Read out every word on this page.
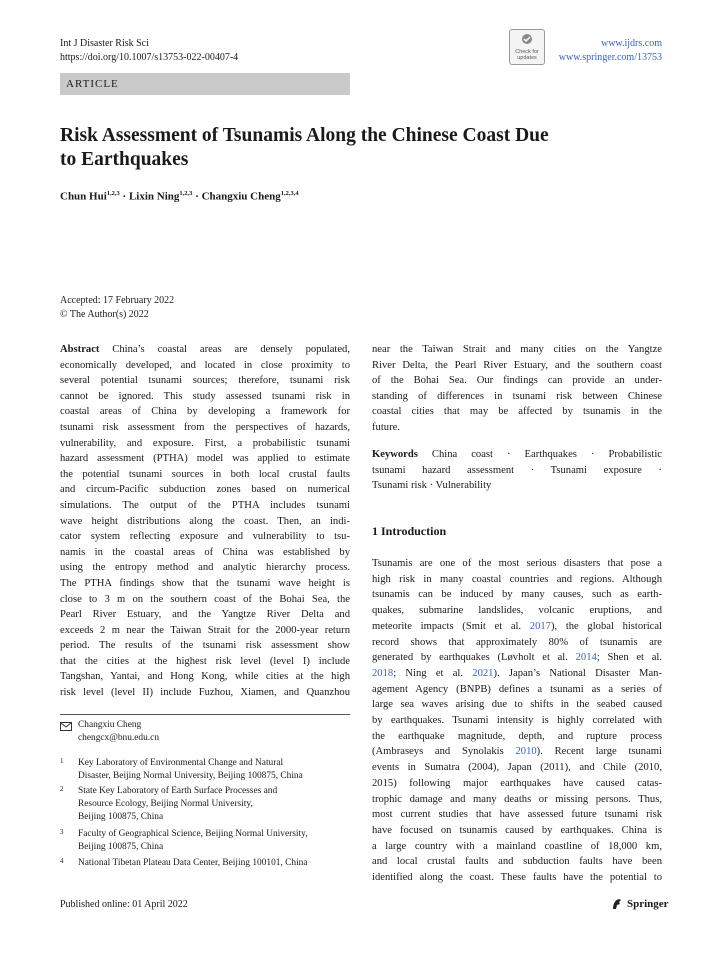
Int J Disaster Risk Sci
https://doi.org/10.1007/s13753-022-00407-4	Check for
updates
www.ijdrs.com
www.springer.com/13753
ARTICLE
Risk Assessment of Tsunamis Along the Chinese Coast Due
to Earthquakes
Chun Hui$^{1,2,3}$ · Lixin Ning$^{1,2,3}$ · Changxiu Cheng$^{1,2,3,4}$
Accepted: 17 February 2022
© The Author(s) 2022
Abstract China’s coastal areas are densely populated,
economically developed, and located in close proximity to
several potential tsunami sources; therefore, tsunami risk
cannot be ignored. This study assessed tsunami risk in
coastal areas of China by developing a framework for
tsunami risk assessment from the perspectives of hazards,
vulnerability, and exposure. First, a probabilistic tsunami
hazard assessment (PTHA) model was applied to estimate
the potential tsunami sources in both local crustal faults
and circum-Pacific subduction zones based on numerical
simulations. The output of the PTHA includes tsunami
wave height distributions along the coast. Then, an indi-
cator system reflecting exposure and vulnerability to tsu-
namis in the coastal areas of China was established by
using the entropy method and analytic hierarchy process.
The PTHA findings show that the tsunami wave height is
close to 3 m on the southern coast of the Bohai Sea, the
Pearl River Estuary, and the Yangtze River Delta and
exceeds 2 m near the Taiwan Strait for the 2000-year return
period. The results of the tsunami risk assessment show
that the cities at the highest risk level (level I) include
Tangshan, Yantai, and Hong Kong, while cities at the high
risk level (level II) include Fuzhou, Xiamen, and Quanzhou
Changxiu Cheng
chengcx@bnu.edu.cn
1 Key Laboratory of Environmental Change and Natural
Disaster, Beijing Normal University, Beijing 100875, China
2 State Key Laboratory of Earth Surface Processes and
Resource Ecology, Beijing Normal University,
Beijing 100875, China
3 Faculty of Geographical Science, Beijing Normal University,
Beijing 100875, China
4 National Tibetan Plateau Data Center, Beijing 100101, China
near the Taiwan Strait and many cities on the Yangtze
River Delta, the Pearl River Estuary, and the southern coast
of the Bohai Sea. Our findings can provide an under-
standing of differences in tsunami risk between Chinese
coastal cities that may be affected by tsunamis in the
future.
Keywords China coast · Earthquakes · Probabilistic
tsunami hazard assessment · Tsunami exposure ·
Tsunami risk · Vulnerability
1 Introduction
Tsunamis are one of the most serious disasters that pose a
high risk in many coastal countries and regions. Although
tsunamis can be induced by many causes, such as earth-
quakes, submarine landslides, volcanic eruptions, and
meteorite impacts (Smit et al. 2017), the global historical
record shows that approximately 80% of tsunamis are
generated by earthquakes (Løvholt et al. 2014; Shen et al.
2018; Ning et al. 2021). Japan’s National Disaster Man-
agement Agency (BNPB) defines a tsunami as a series of
large sea waves arising due to shifts in the seabed caused
by earthquakes. Tsunami intensity is highly correlated with
the earthquake magnitude, depth, and rupture process
(Ambraseys and Synolakis 2010). Recent large tsunami
events in Sumatra (2004), Japan (2011), and Chile (2010,
2015) following major earthquakes have caused catas-
trophic damage and many deaths or missing persons. Thus,
most current studies that have assessed future tsunami risk
have focused on tsunamis caused by earthquakes. China is
a large country with a mainland coastline of 18,000 km,
and local crustal faults and subduction faults have been
identified along the coast. These faults have the potential to
Published online: 01 April 2022	Springer
